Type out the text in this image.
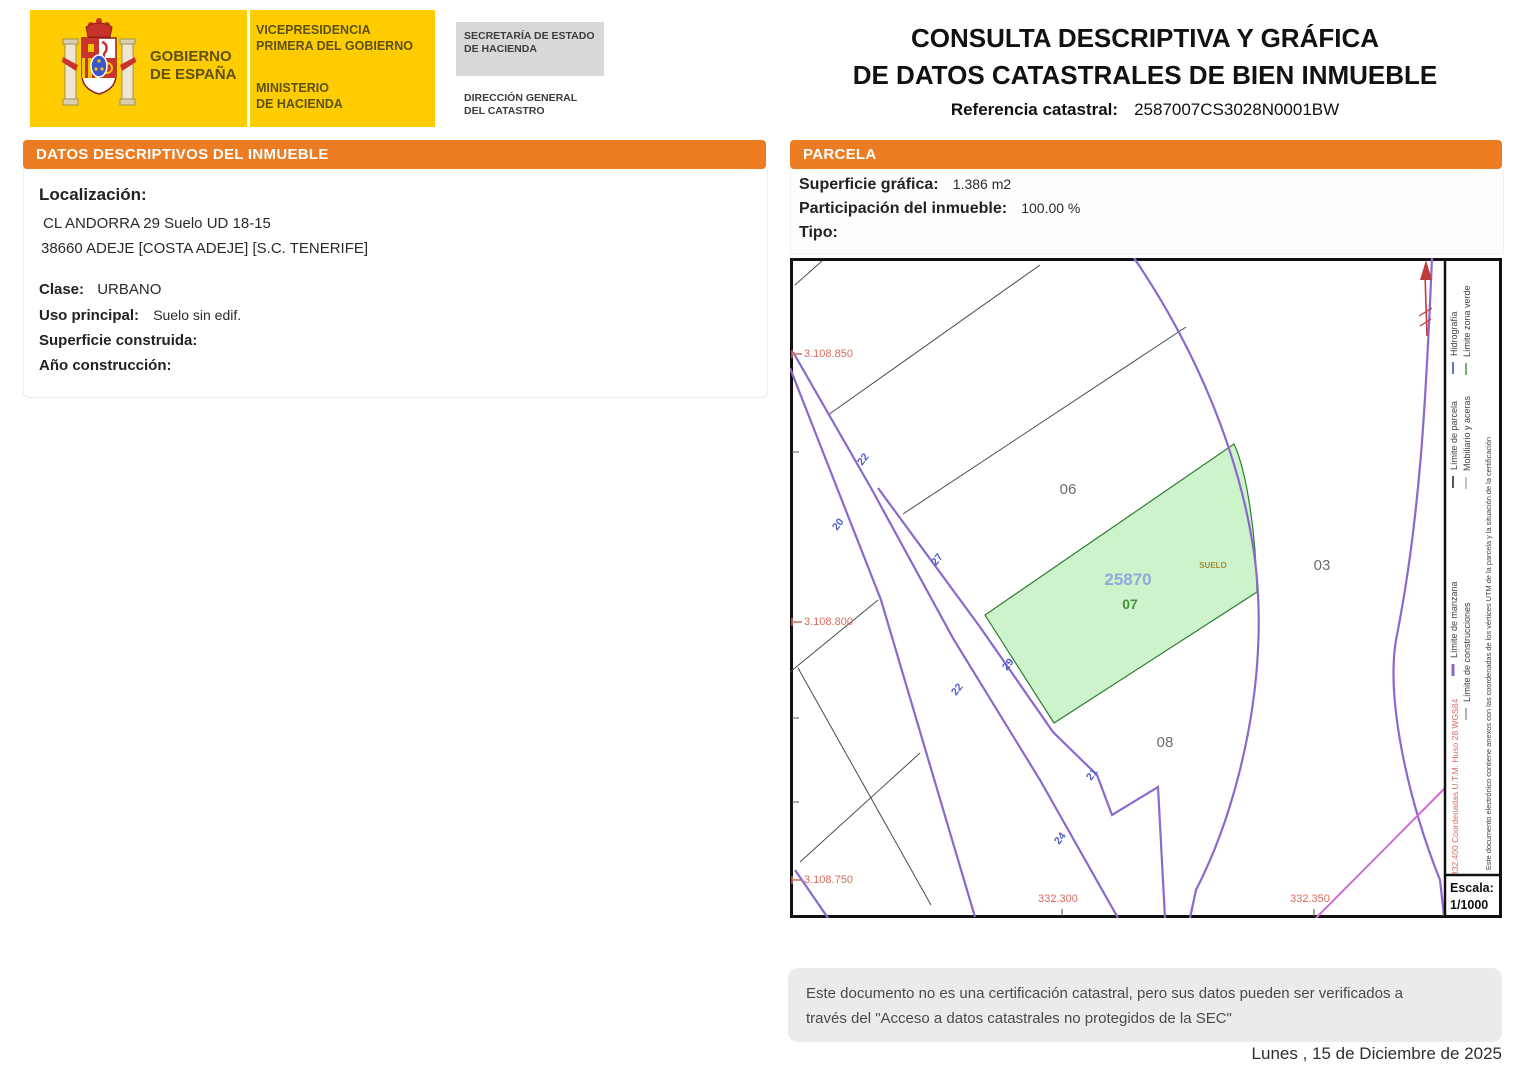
GOBIERNO
DE ESPAÑA
VICEPRESIDENCIA
PRIMERA DEL GOBIERNO
MINISTERIO
DE HACIENDA
SECRETARÍA DE ESTADO
DE HACIENDA
DIRECCIÓN GENERAL
DEL CATASTRO
CONSULTA DESCRIPTIVA Y GRÁFICA
DE DATOS CATASTRALES DE BIEN INMUEBLE
Referencia catastral: 2587007CS3028N0001BW
DATOS DESCRIPTIVOS DEL INMUEBLE
Localización:
CL ANDORRA 29 Suelo UD 18-15
38660 ADEJE [COSTA ADEJE] [S.C. TENERIFE]
Clase: URBANO
Uso principal: Suelo sin edif.
Superficie construida:
Año construcción:
PARCELA
Superficie gráfica: 1.386 m2
Participación del inmueble: 100.00 %
Tipo:
3.108.850
3.108.800
3.108.750
332.300	332.350
22
20
27
22
29
21
24
06
03
08
25870
07
SUELO
Límite de parcela
Hidrografía
Mobiliario y aceras
Límite zona verde
Límite de manzana Límite de construcciones
332.400 Coordenadas U.T.M. Huso 28 WGS84	Este documento electrónico contiene anexos con las coordenadas de los vértices UTM de la parcela y la situación de la certificación
Escala:
1/1000
Este documento no es una certificación catastral, pero sus datos pueden ser verificados a
través del "Acceso a datos catastrales no protegidos de la SEC"
Lunes , 15 de Diciembre de 2025
